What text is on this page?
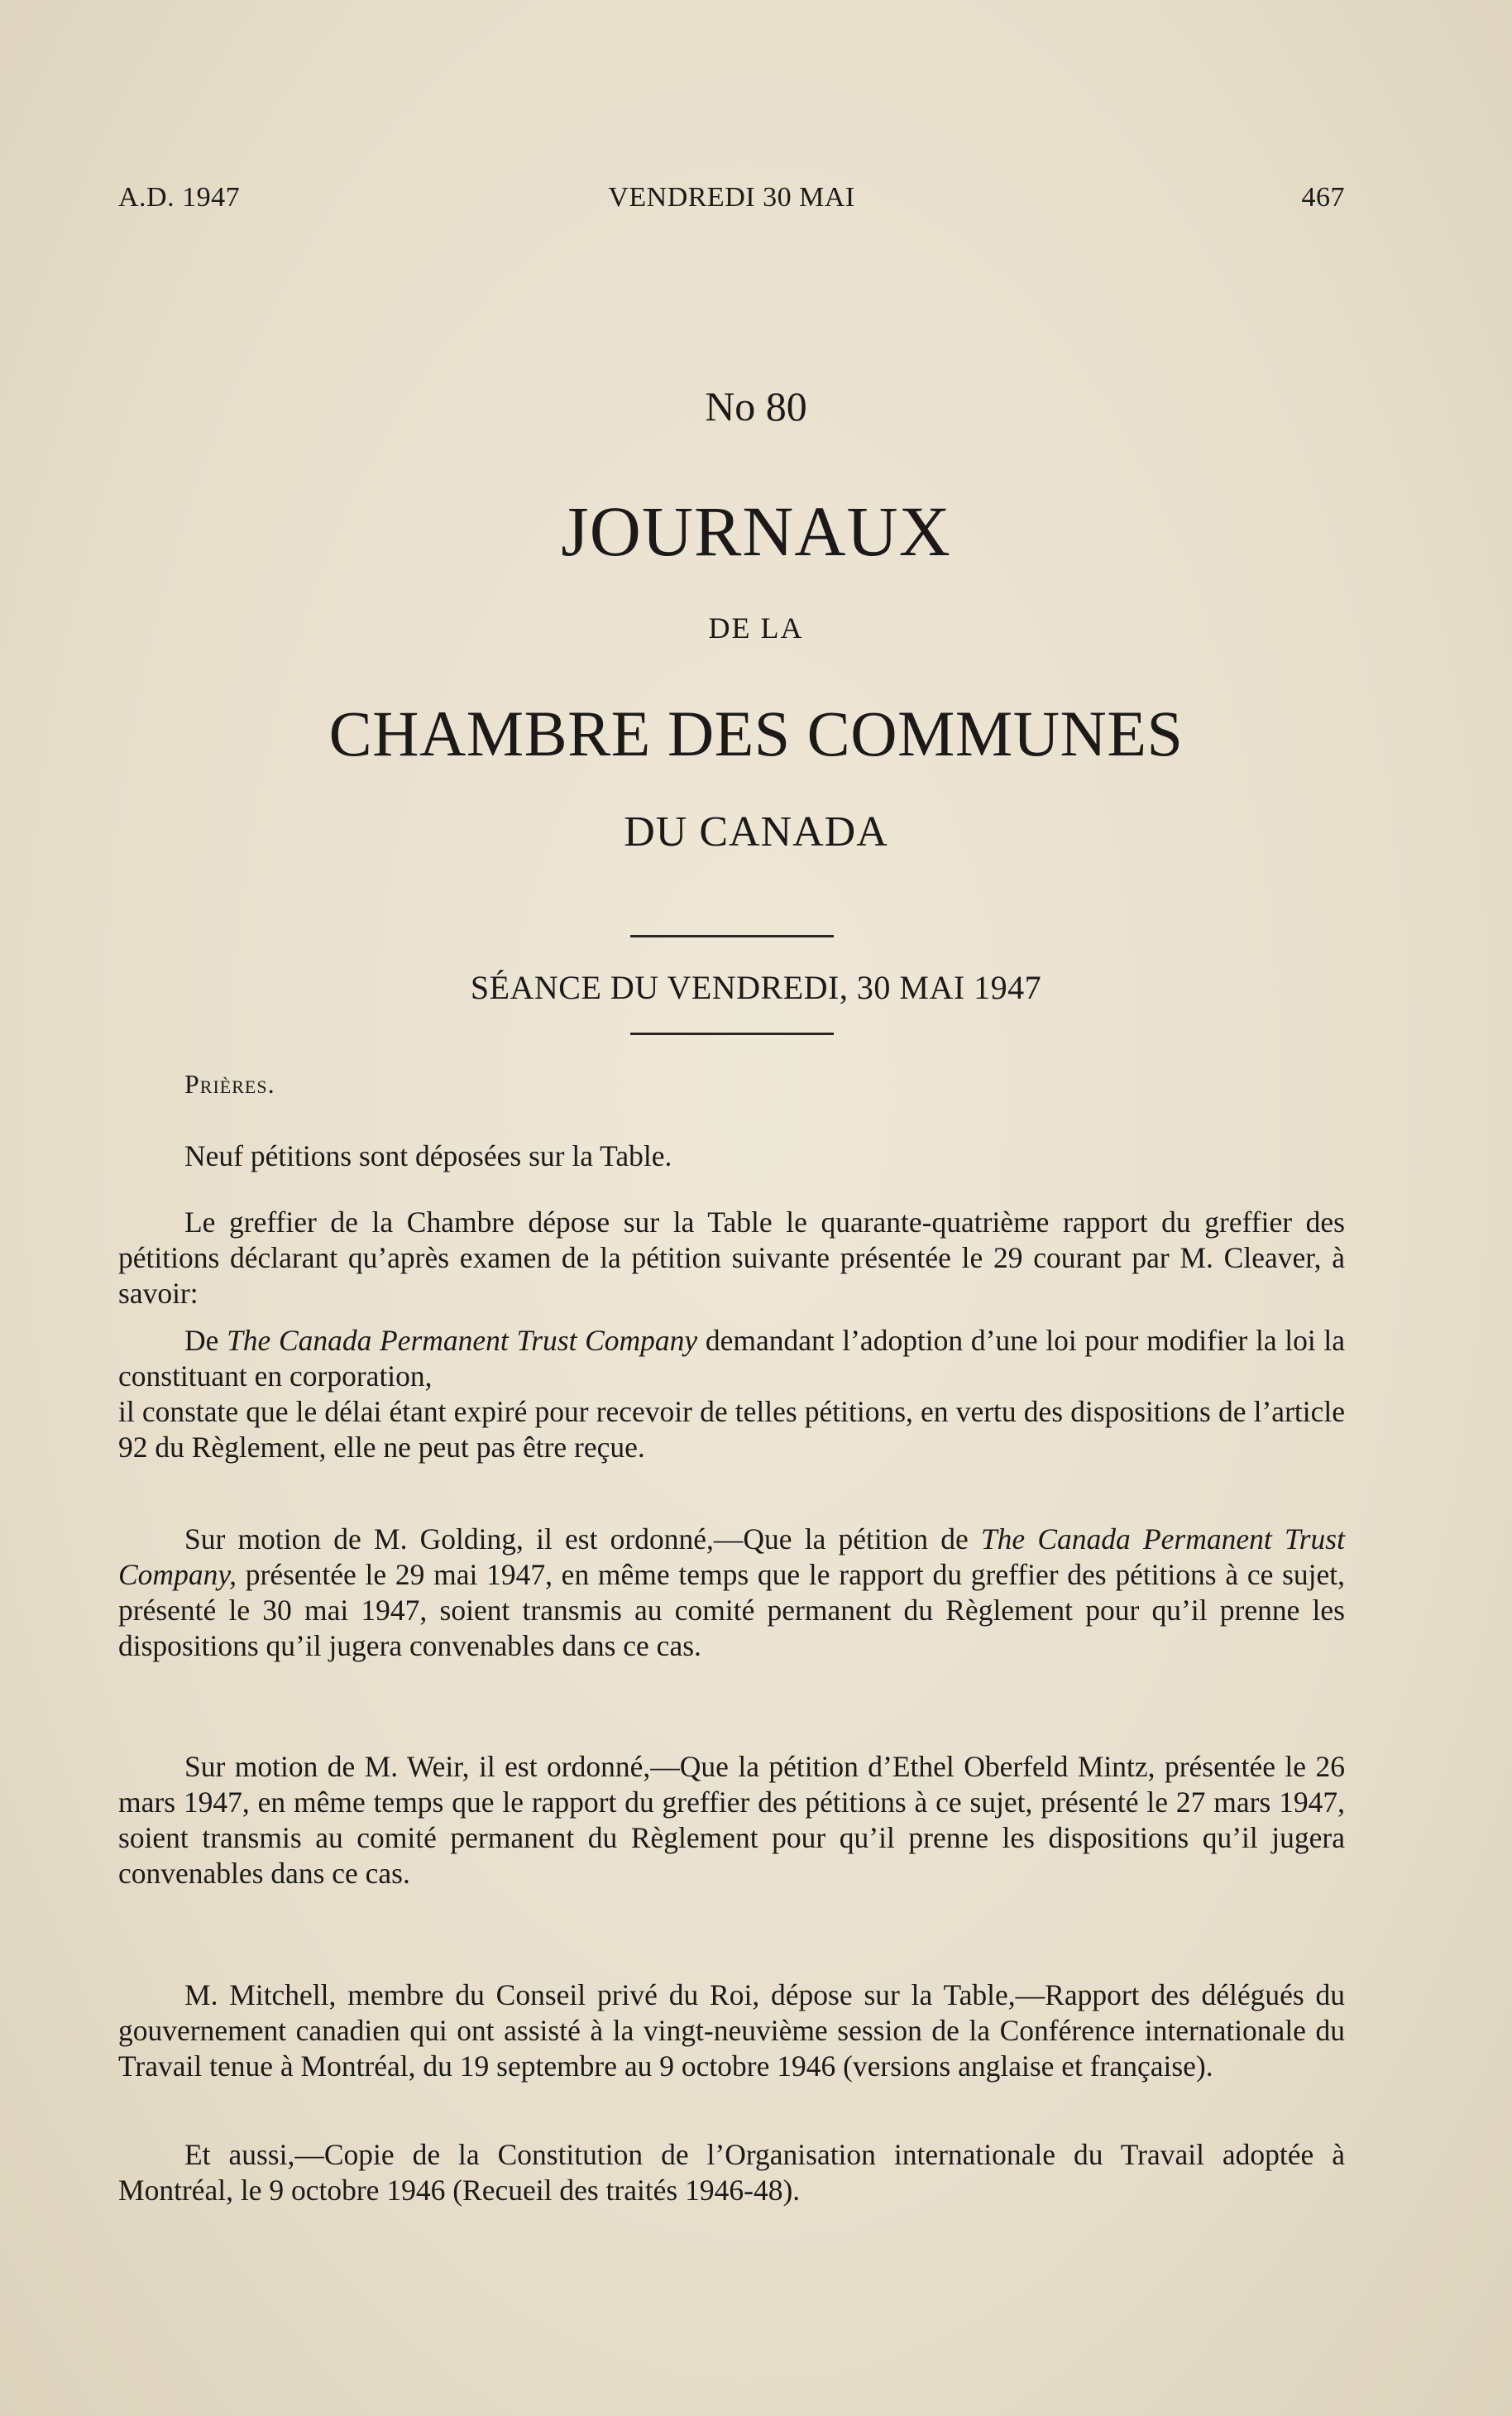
A.D. 1947	VENDREDI 30 MAI	467
No 80
JOURNAUX
DE LA
CHAMBRE DES COMMUNES
DU CANADA
SÉANCE DU VENDREDI, 30 MAI 1947
Prières.

Neuf pétitions sont déposées sur la Table.

Le greffier de la Chambre dépose sur la Table le quarante-quatrième rapport du greffier des pétitions déclarant qu’après examen de la pétition suivante présentée le 29 courant par M. Cleaver, à savoir:

De The Canada Permanent Trust Company demandant l’adoption d’une loi pour modifier la loi la constituant en corporation,

il constate que le délai étant expiré pour recevoir de telles pétitions, en vertu des dispositions de l’article 92 du Règlement, elle ne peut pas être reçue.

Sur motion de M. Golding, il est ordonné,—Que la pétition de The Canada Permanent Trust Company, présentée le 29 mai 1947, en même temps que le rapport du greffier des pétitions à ce sujet, présenté le 30 mai 1947, soient transmis au comité permanent du Règlement pour qu’il prenne les dispositions qu’il jugera convenables dans ce cas.

Sur motion de M. Weir, il est ordonné,—Que la pétition d’Ethel Oberfeld Mintz, présentée le 26 mars 1947, en même temps que le rapport du greffier des pétitions à ce sujet, présenté le 27 mars 1947, soient transmis au comité permanent du Règlement pour qu’il prenne les dispositions qu’il jugera convenables dans ce cas.

M. Mitchell, membre du Conseil privé du Roi, dépose sur la Table,—Rapport des délégués du gouvernement canadien qui ont assisté à la vingt-neuvième session de la Conférence internationale du Travail tenue à Montréal, du 19 septembre au 9 octobre 1946 (versions anglaise et française).

Et aussi,—Copie de la Constitution de l’Organisation internationale du Travail adoptée à Montréal, le 9 octobre 1946 (Recueil des traités 1946-48).
